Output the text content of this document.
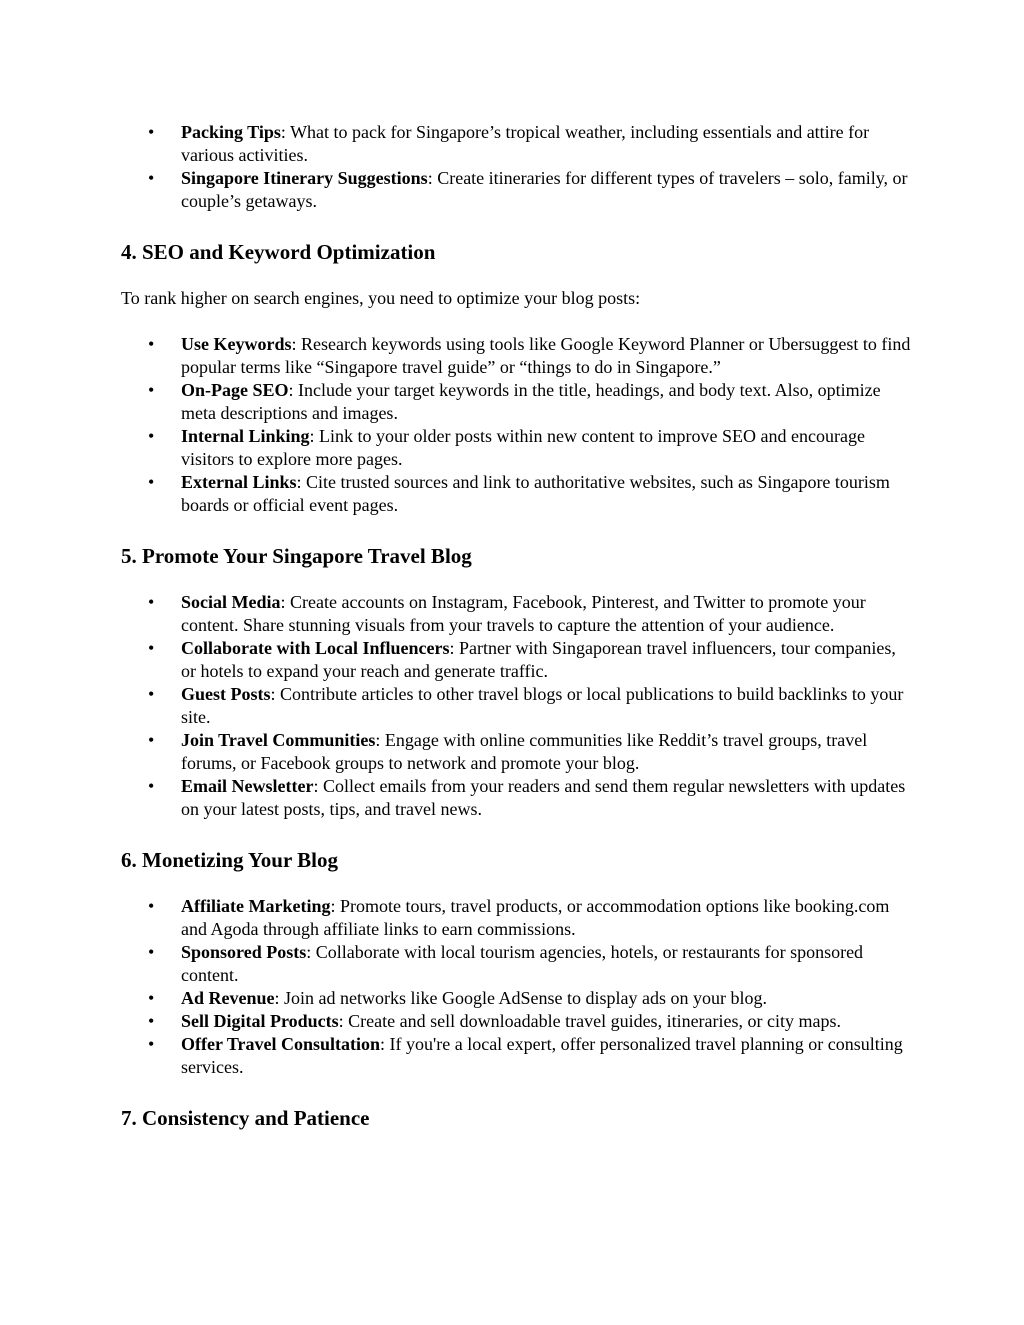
• Packing Tips: What to pack for Singapore’s tropical weather, including essentials and attire for various activities.
• Singapore Itinerary Suggestions: Create itineraries for different types of travelers – solo, family, or couple’s getaways.
4. SEO and Keyword Optimization

To rank higher on search engines, you need to optimize your blog posts:

• Use Keywords: Research keywords using tools like Google Keyword Planner or Ubersuggest to find popular terms like “Singapore travel guide” or “things to do in Singapore.”
• On-Page SEO: Include your target keywords in the title, headings, and body text. Also, optimize meta descriptions and images.
• Internal Linking: Link to your older posts within new content to improve SEO and encourage visitors to explore more pages.
• External Links: Cite trusted sources and link to authoritative websites, such as Singapore tourism boards or official event pages.
5. Promote Your Singapore Travel Blog
• Social Media: Create accounts on Instagram, Facebook, Pinterest, and Twitter to promote your content. Share stunning visuals from your travels to capture the attention of your audience.
• Collaborate with Local Influencers: Partner with Singaporean travel influencers, tour companies, or hotels to expand your reach and generate traffic.
• Guest Posts: Contribute articles to other travel blogs or local publications to build backlinks to your site.
• Join Travel Communities: Engage with online communities like Reddit’s travel groups, travel forums, or Facebook groups to network and promote your blog.
• Email Newsletter: Collect emails from your readers and send them regular newsletters with updates on your latest posts, tips, and travel news.
6. Monetizing Your Blog
• Affiliate Marketing: Promote tours, travel products, or accommodation options like booking.com and Agoda through affiliate links to earn commissions.
• Sponsored Posts: Collaborate with local tourism agencies, hotels, or restaurants for sponsored content.
• Ad Revenue: Join ad networks like Google AdSense to display ads on your blog.
• Sell Digital Products: Create and sell downloadable travel guides, itineraries, or city maps.
• Offer Travel Consultation: If you're a local expert, offer personalized travel planning or consulting services.
7. Consistency and Patience
